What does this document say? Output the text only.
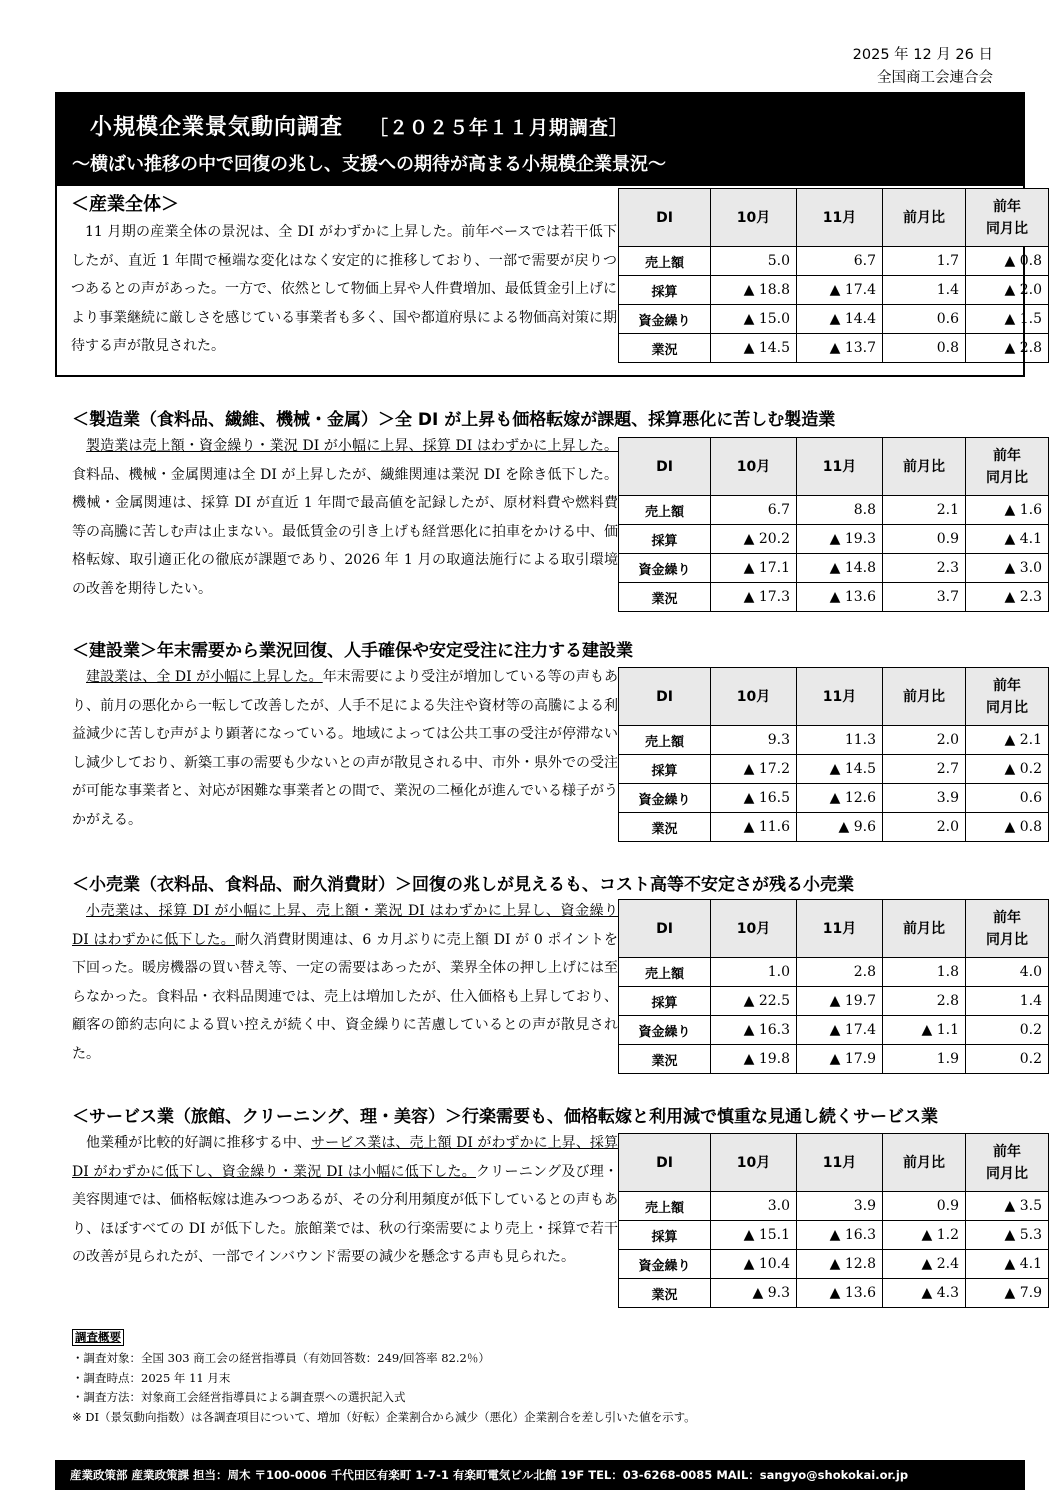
2025 年 12 月 26 日
全国商工会連合会
小規模企業景気動向調査 ［２０２５年１１月期調査］
～横ばい推移の中で回復の兆し、支援への期待が高まる小規模企業景況～
＜産業全体＞
11 月期の産業全体の景況は、全 DI がわずかに上昇した。前年ベースでは若干低下したが、直近 1 年間で極端な変化はなく安定的に推移しており、一部で需要が戻りつつあるとの声があった。一方で、依然として物価上昇や人件費増加、最低賃金引上げにより事業継続に厳しさを感じている事業者も多く、国や都道府県による物価高対策に期待する声が散見された。
DI	10月	11月	前月比	前年
同月比
売上額	5.0	6.7	1.7	▲ 0.8
採算	▲ 18.8	▲ 17.4	1.4	▲ 2.0
資金繰り	▲ 15.0	▲ 14.4	0.6	▲ 1.5
業況	▲ 14.5	▲ 13.7	0.8	▲ 2.8
＜製造業（食料品、繊維、機械・金属）＞全 DI が上昇も価格転嫁が課題、採算悪化に苦しむ製造業
製造業は売上額・資金繰り・業況 DI が小幅に上昇、採算 DI はわずかに上昇した。食料品、機械・金属関連は全 DI が上昇したが、繊維関連は業況 DI を除き低下した。機械・金属関連は、採算 DI が直近 1 年間で最高値を記録したが、原材料費や燃料費等の高騰に苦しむ声は止まない。最低賃金の引き上げも経営悪化に拍車をかける中、価格転嫁、取引適正化の徹底が課題であり、2026 年 1 月の取適法施行による取引環境の改善を期待したい。
DI	10月	11月	前月比	前年
同月比
売上額	6.7	8.8	2.1	▲ 1.6
採算	▲ 20.2	▲ 19.3	0.9	▲ 4.1
資金繰り	▲ 17.1	▲ 14.8	2.3	▲ 3.0
業況	▲ 17.3	▲ 13.6	3.7	▲ 2.3
＜建設業＞年末需要から業況回復、人手確保や安定受注に注力する建設業
建設業は、全 DI が小幅に上昇した。年末需要により受注が増加している等の声もあり、前月の悪化から一転して改善したが、人手不足による失注や資材等の高騰による利益減少に苦しむ声がより顕著になっている。地域によっては公共工事の受注が停滞ないし減少しており、新築工事の需要も少ないとの声が散見される中、市外・県外での受注が可能な事業者と、対応が困難な事業者との間で、業況の二極化が進んでいる様子がうかがえる。
DI	10月	11月	前月比	前年
同月比
売上額	9.3	11.3	2.0	▲ 2.1
採算	▲ 17.2	▲ 14.5	2.7	▲ 0.2
資金繰り	▲ 16.5	▲ 12.6	3.9	0.6
業況	▲ 11.6	▲ 9.6	2.0	▲ 0.8
＜小売業（衣料品、食料品、耐久消費財）＞回復の兆しが見えるも、コスト高等不安定さが残る小売業
小売業は、採算 DI が小幅に上昇、売上額・業況 DI はわずかに上昇し、資金繰り DI はわずかに低下した。耐久消費財関連は、6 カ月ぶりに売上額 DI が 0 ポイントを下回った。暖房機器の買い替え等、一定の需要はあったが、業界全体の押し上げには至らなかった。食料品・衣料品関連では、売上は増加したが、仕入価格も上昇しており、顧客の節約志向による買い控えが続く中、資金繰りに苦慮しているとの声が散見された。
DI	10月	11月	前月比	前年
同月比
売上額	1.0	2.8	1.8	4.0
採算	▲ 22.5	▲ 19.7	2.8	1.4
資金繰り	▲ 16.3	▲ 17.4	▲ 1.1	0.2
業況	▲ 19.8	▲ 17.9	1.9	0.2
＜サービス業（旅館、クリーニング、理・美容）＞行楽需要も、価格転嫁と利用減で慎重な見通し続くサービス業
他業種が比較的好調に推移する中、サービス業は、売上額 DI がわずかに上昇、採算 DI がわずかに低下し、資金繰り・業況 DI は小幅に低下した。クリーニング及び理・美容関連では、価格転嫁は進みつつあるが、その分利用頻度が低下しているとの声もあり、ほぼすべての DI が低下した。旅館業では、秋の行楽需要により売上・採算で若干の改善が見られたが、一部でインバウンド需要の減少を懸念する声も見られた。
DI	10月	11月	前月比	前年
同月比
売上額	3.0	3.9	0.9	▲ 3.5
採算	▲ 15.1	▲ 16.3	▲ 1.2	▲ 5.3
資金繰り	▲ 10.4	▲ 12.8	▲ 2.4	▲ 4.1
業況	▲ 9.3	▲ 13.6	▲ 4.3	▲ 7.9
調査概要
・調査対象：全国 303 商工会の経営指導員（有効回答数：249/回答率 82.2％）
・調査時点：2025 年 11 月末
・調査方法：対象商工会経営指導員による調査票への選択記入式
※ DI（景気動向指数）は各調査項目について、増加（好転）企業割合から減少（悪化）企業割合を差し引いた値を示す。
産業政策部 産業政策課 担当：周木 〒100-0006 千代田区有楽町 1-7-1 有楽町電気ビル北館 19F TEL：03-6268-0085 MAIL：sangyo@shokokai.or.jp
